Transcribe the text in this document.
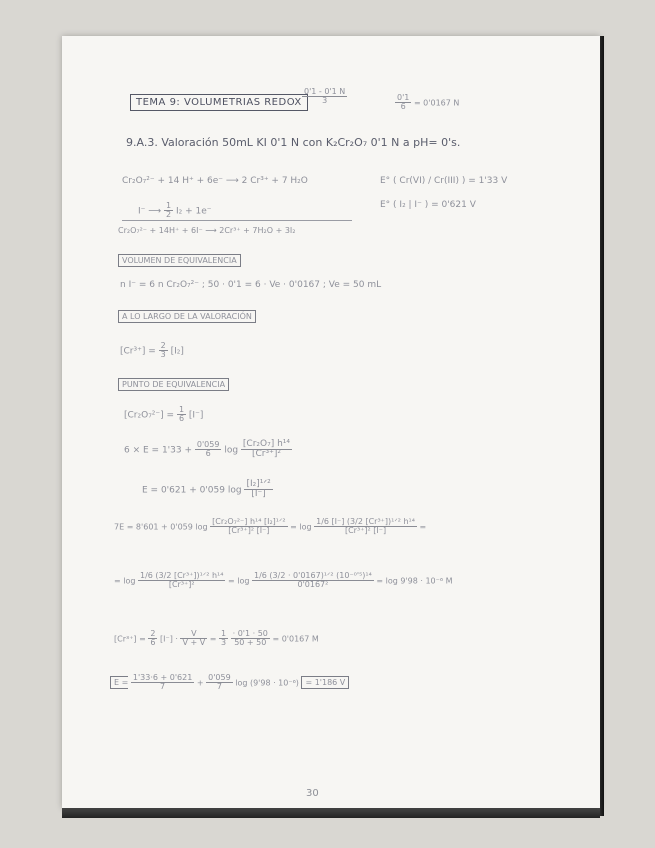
TEMA 9: VOLUMETRIAS REDOX $\frac{0'1 - 0'1 N}{3}$	$\frac{0'1}{6} = 0'0167$ N
9.A.3. Valoración 50mL KI 0'1 N con K₂Cr₂O₇ 0'1 N a pH= 0's.
Cr₂O₇²⁻ + 14 H⁺ + 6e⁻ ⟶ 2 Cr³⁺ + 7 H₂O	E° ( Cr(VI) / Cr(III) ) = 1'33 V
I⁻ ⟶ $\frac{1}{2} I_2 + 1e^-$
E° ( I₂ | I⁻ ) = 0'621 V
Cr₂O₇²⁻ + 14H⁺ + 6I⁻ ⟶ 2Cr³⁺ + 7H₂O + 3I₂
VOLUMEN DE EQUIVALENCIA
n I⁻ = 6 n Cr₂O₇²⁻ ; 50 · 0'1 = 6 · Ve · 0'0167 ; Ve = 50 mL
A LO LARGO DE LA VALORACIÓN
$[Cr^{3+}] = \frac{2}{3} [I_2]$
PUNTO DE EQUIVALENCIA
$[Cr_2O_7^{2-}] = \frac{1}{6} [I^-]$
$6 \times E = 1'33 + \frac{0'059}{6}$ $\log \frac{\text{[Cr₂O₇] h¹⁴}}{\text{[Cr³⁺]²}}$
E = 0'621 + 0'059 $\log \frac{\text{[I₂]¹ᐟ²}}{[I^-]}$
7E = 8'601 + 0'059 $\log \frac{\text{[Cr₂O₇²⁻] h¹⁴ [I₂]¹ᐟ²}}{\text{[Cr³⁺]² [I⁻]}} = \log \frac{\text{1/6 [I⁻] (3/2 [Cr³⁺])¹ᐟ² h¹⁴}}{\text{[Cr³⁺]² [I⁻]}}$ =
= $\log \frac{\text{1/6 (3/2 [Cr³⁺])¹ᐟ² h¹⁴}}{\text{[Cr³⁺]²}} = \log \frac{\text{1/6 (3/2 · 0'0167)¹ᐟ² (10⁻⁰'⁵)¹⁴}}{\text{0'0167²}} = \log 9'98 \cdot 10^{-6}$ M
$[Cr^{3+}] = \frac{2}{6} [I^-] \cdot \frac{V}{V + V} = \frac{1}{3}$
$\frac{\cdot 0'1 \cdot 50}{50 + 50} = 0'0167$ M
$E = \frac{1'33\cdot 6 + 0'621}{7} + \frac{0'059}{7}$ log (9'98 · 10⁻⁶) = 1'186 V
30
